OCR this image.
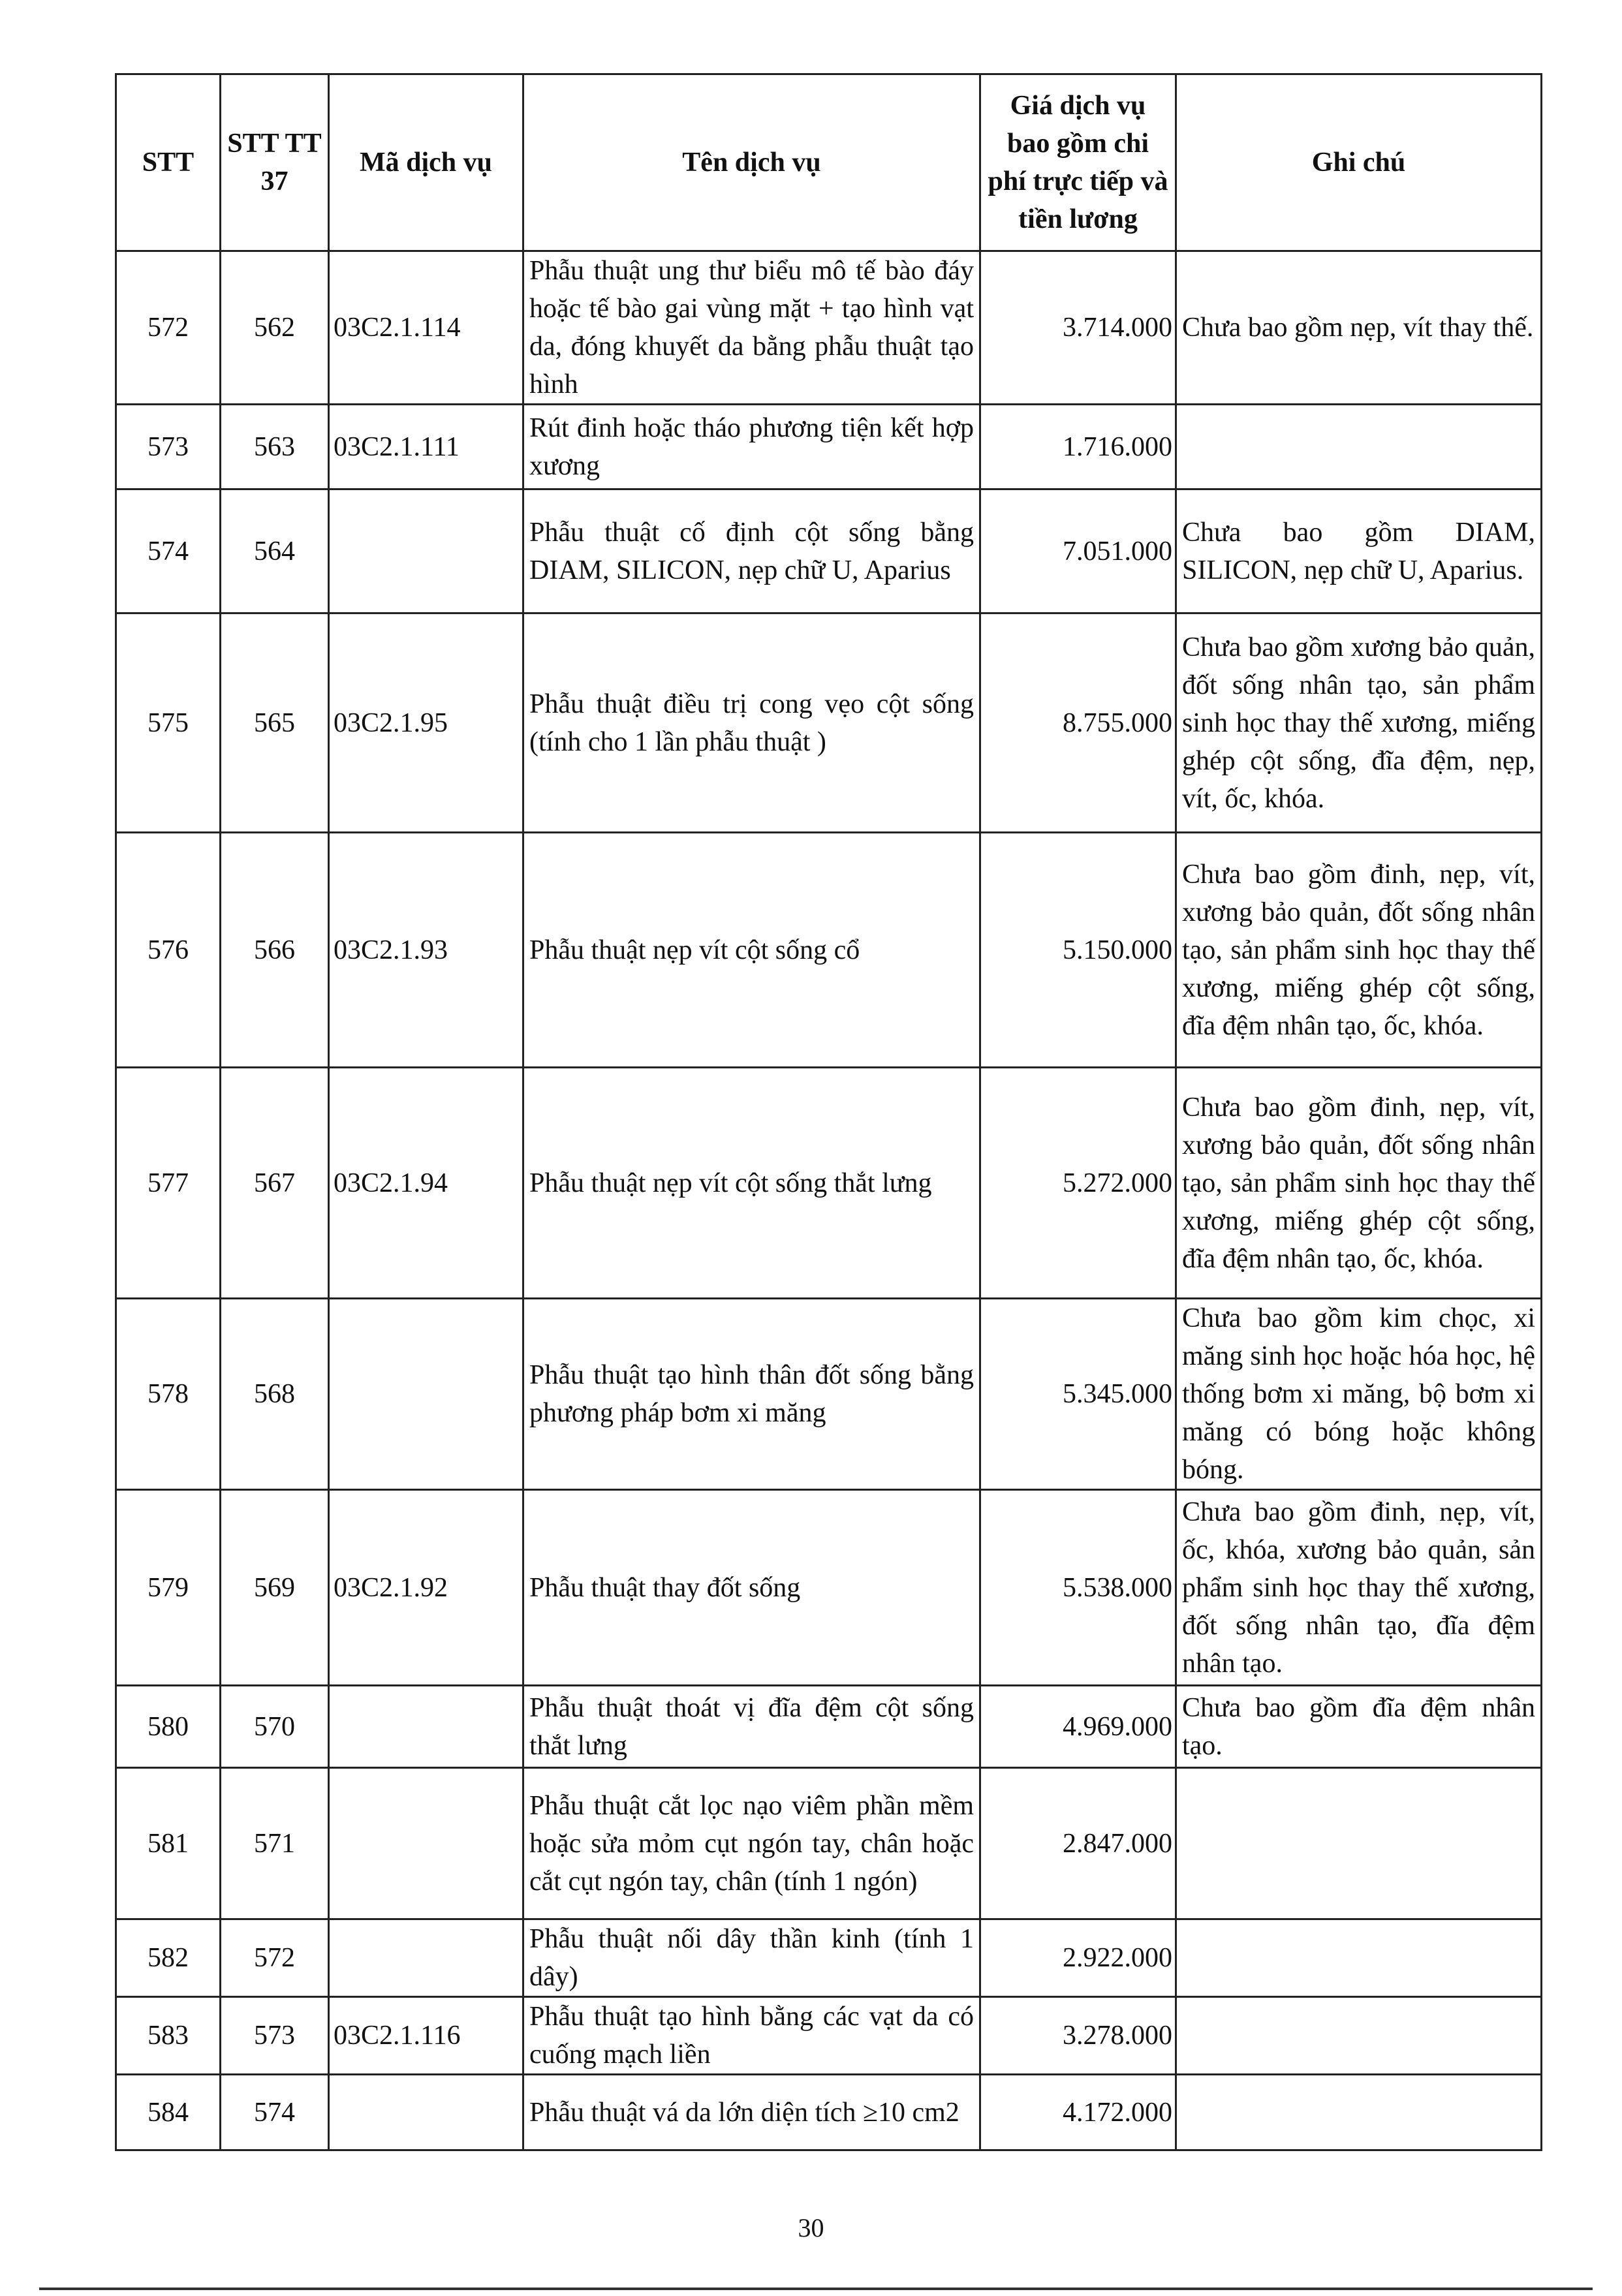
STT	STT TT 37	Mã dịch vụ	Tên dịch vụ	Giá dịch vụ bao gồm chi phí trực tiếp và tiền lương	Ghi chú
572	562	03C2.1.114	Phẫu thuật ung thư biểu mô tế bào đáy hoặc tế bào gai vùng mặt + tạo hình vạt da, đóng khuyết da bằng phẫu thuật tạo hình	3.714.000	Chưa bao gồm nẹp, vít thay thế.
573	563	03C2.1.111	Rút đinh hoặc tháo phương tiện kết hợp xương	1.716.000	
574	564		Phẫu thuật cố định cột sống bằng DIAM, SILICON, nẹp chữ U, Aparius	7.051.000	Chưa bao gồm DIAM, SILICON, nẹp chữ U, Aparius.
575	565	03C2.1.95	Phẫu thuật điều trị cong vẹo cột sống (tính cho 1 lần phẫu thuật )	8.755.000	Chưa bao gồm xương bảo quản, đốt sống nhân tạo, sản phẩm sinh học thay thế xương, miếng ghép cột sống, đĩa đệm, nẹp, vít, ốc, khóa.
576	566	03C2.1.93	Phẫu thuật nẹp vít cột sống cổ	5.150.000	Chưa bao gồm đinh, nẹp, vít, xương bảo quản, đốt sống nhân tạo, sản phẩm sinh học thay thế xương, miếng ghép cột sống, đĩa đệm nhân tạo, ốc, khóa.
577	567	03C2.1.94	Phẫu thuật nẹp vít cột sống thắt lưng	5.272.000	Chưa bao gồm đinh, nẹp, vít, xương bảo quản, đốt sống nhân tạo, sản phẩm sinh học thay thế xương, miếng ghép cột sống, đĩa đệm nhân tạo, ốc, khóa.
578	568		Phẫu thuật tạo hình thân đốt sống bằng phương pháp bơm xi măng	5.345.000	Chưa bao gồm kim chọc, xi măng sinh học hoặc hóa học, hệ thống bơm xi măng, bộ bơm xi măng có bóng hoặc không bóng.
579	569	03C2.1.92	Phẫu thuật thay đốt sống	5.538.000	Chưa bao gồm đinh, nẹp, vít, ốc, khóa, xương bảo quản, sản phẩm sinh học thay thế xương, đốt sống nhân tạo, đĩa đệm nhân tạo.
580	570		Phẫu thuật thoát vị đĩa đệm cột sống thắt lưng	4.969.000	Chưa bao gồm đĩa đệm nhân tạo.
581	571		Phẫu thuật cắt lọc nạo viêm phần mềm hoặc sửa mỏm cụt ngón tay, chân hoặc cắt cụt ngón tay, chân (tính 1 ngón)	2.847.000	
582	572		Phẫu thuật nối dây thần kinh (tính 1 dây)	2.922.000	
583	573	03C2.1.116	Phẫu thuật tạo hình bằng các vạt da có cuống mạch liền	3.278.000	
584	574		Phẫu thuật vá da lớn diện tích ≥10 cm2	4.172.000	
30
